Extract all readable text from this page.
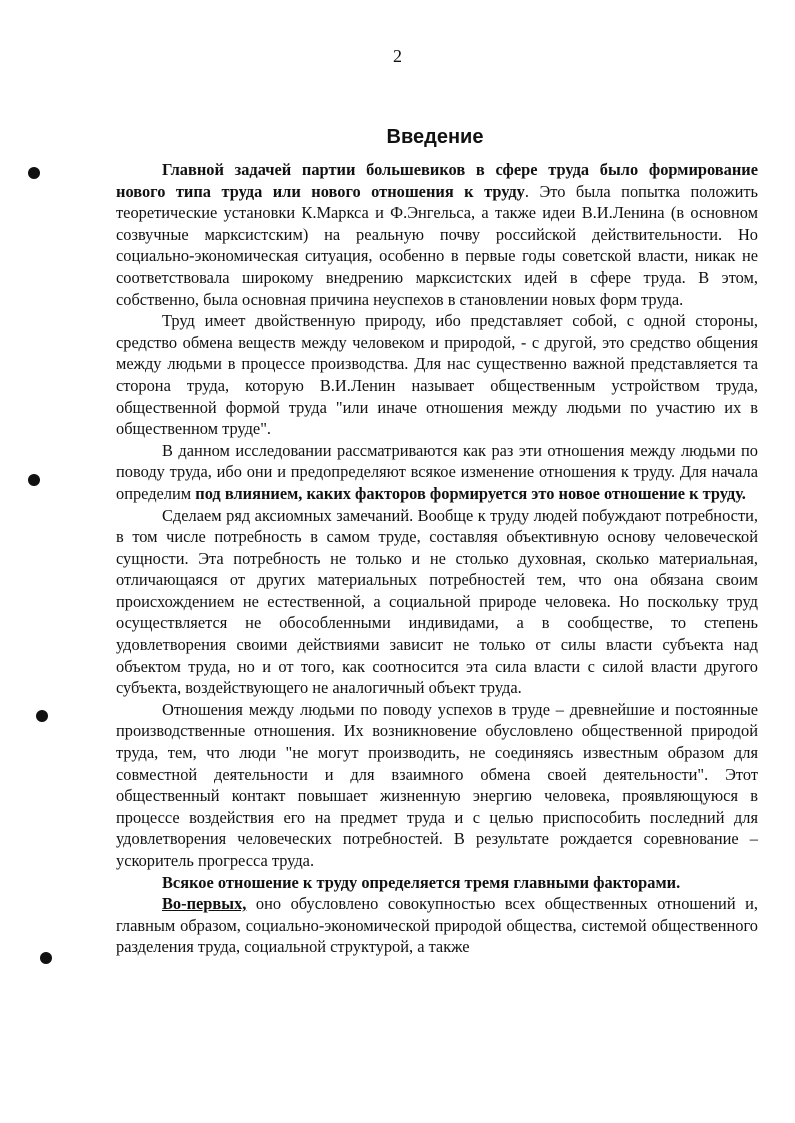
2
Введение

Главной задачей партии большевиков в сфере труда было формирование нового типа труда или нового отношения к труду. Это была попытка положить теоретические установки К.Маркса и Ф.Энгельса, а также идеи В.И.Ленина (в основном созвучные марксистским) на реальную почву российской действительности. Но социально-экономическая ситуация, особенно в первые годы советской власти, никак не соответствовала широкому внедрению марксистских идей в сфере труда. В этом, собственно, была основная причина неуспехов в становлении новых форм труда.

Труд имеет двойственную природу, ибо представляет собой, с одной стороны, средство обмена веществ между человеком и природой, - с другой, это средство общения между людьми в процессе производства. Для нас существенно важной представляется та сторона труда, которую В.И.Ленин называет общественным устройством труда, общественной формой труда "или иначе отношения между людьми по участию их в общественном труде".

В данном исследовании рассматриваются как раз эти отношения между людьми по поводу труда, ибо они и предопределяют всякое изменение отношения к труду. Для начала определим под влиянием, каких факторов формируется это новое отношение к труду.

Сделаем ряд аксиомных замечаний. Вообще к труду людей побуждают потребности, в том числе потребность в самом труде, составляя объективную основу человеческой сущности. Эта потребность не только и не столько духовная, сколько материальная, отличающаяся от других материальных потребностей тем, что она обязана своим происхождением не естественной, а социальной природе человека. Но поскольку труд осуществляется не обособленными индивидами, а в сообществе, то степень удовлетворения своими действиями зависит не только от силы власти субъекта над объектом труда, но и от того, как соотносится эта сила власти с силой власти другого субъекта, воздействующего не аналогичный объект труда.

Отношения между людьми по поводу успехов в труде – древнейшие и постоянные производственные отношения. Их возникновение обусловлено общественной природой труда, тем, что люди "не могут производить, не соединяясь известным образом для совместной деятельности и для взаимного обмена своей деятельности". Этот общественный контакт повышает жизненную энергию человека, проявляющуюся в процессе воздействия его на предмет труда и с целью приспособить последний для удовлетворения человеческих потребностей. В результате рождается соревнование – ускоритель прогресса труда.

Всякое отношение к труду определяется тремя главными факторами.

Во-первых, оно обусловлено совокупностью всех общественных отношений и, главным образом, социально-экономической природой общества, системой общественного разделения труда, социальной структурой, а также
